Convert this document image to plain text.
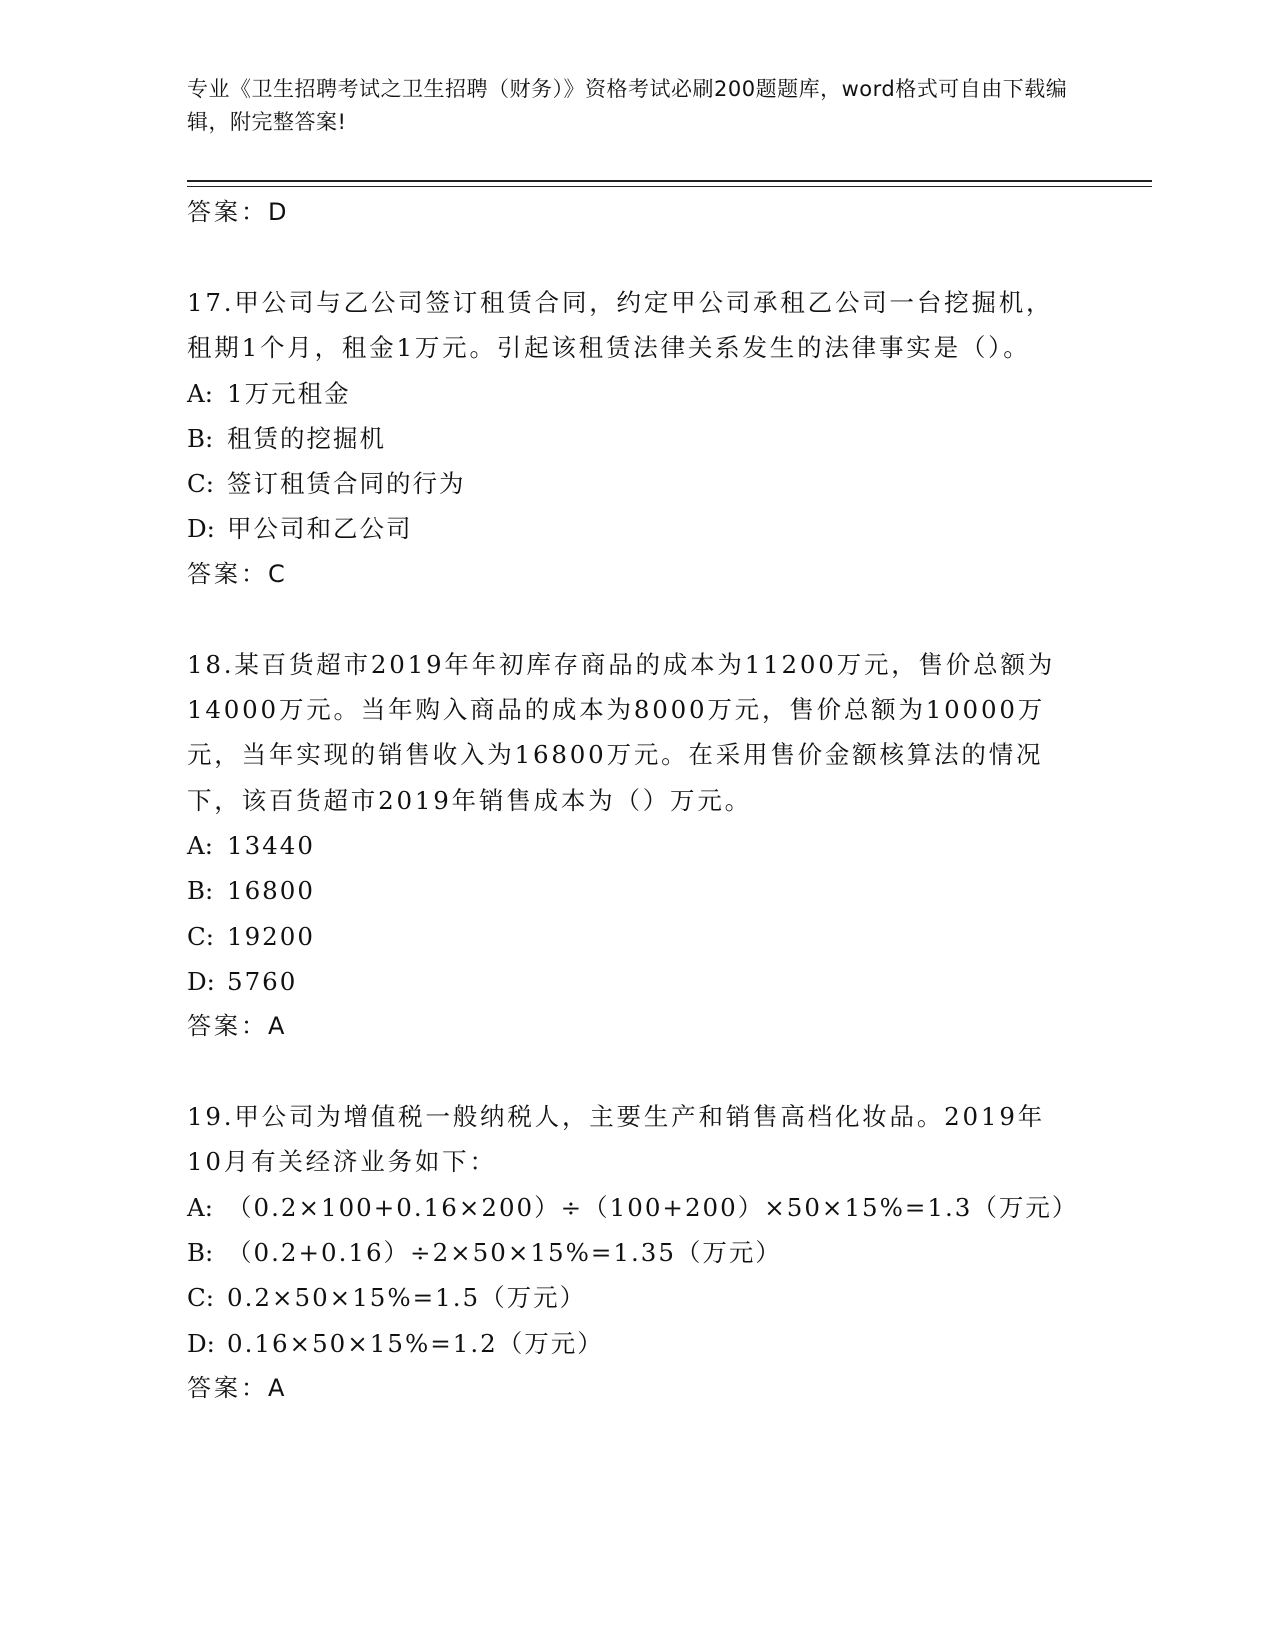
专业《卫生招聘考试之卫生招聘（财务）》资格考试必刷200题题库，word格式可自由下载编辑，附完整答案!
答案：D
17.甲公司与乙公司签订租赁合同，约定甲公司承租乙公司一台挖掘机，租期1个月，租金1万元。引起该租赁法律关系发生的法律事实是（）。
A: 1万元租金
B: 租赁的挖掘机
C: 签订租赁合同的行为
D: 甲公司和乙公司
答案：C
18.某百货超市2019年年初库存商品的成本为11200万元，售价总额为14000万元。当年购入商品的成本为8000万元，售价总额为10000万元，当年实现的销售收入为16800万元。在采用售价金额核算法的情况下，该百货超市2019年销售成本为（）万元。
A: 13440
B: 16800
C: 19200
D: 5760
答案：A
19.甲公司为增值税一般纳税人，主要生产和销售高档化妆品。2019年10月有关经济业务如下：
A: （0.2×100+0.16×200）÷（100+200）×50×15%=1.3（万元）
B: （0.2+0.16）÷2×50×15%=1.35（万元）
C: 0.2×50×15%=1.5（万元）
D: 0.16×50×15%=1.2（万元）
答案：A
